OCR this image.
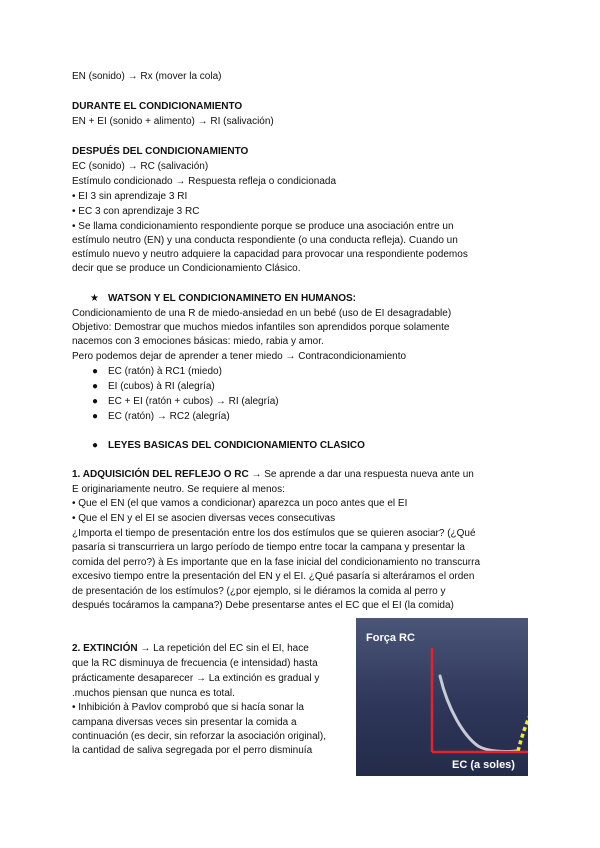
EN (sonido) → Rx (mover la cola)
DURANTE EL CONDICIONAMIENTO
EN + EI (sonido + alimento) → RI (salivación)
DESPUÉS DEL CONDICIONAMIENTO
EC (sonido) → RC (salivación)
Estímulo condicionado → Respuesta refleja o condicionada
• EI 3 sin aprendizaje 3 RI
• EC 3 con aprendizaje 3 RC
• Se llama condicionamiento respondiente porque se produce una asociación entre un
estímulo neutro (EN) y una conducta respondiente (o una conducta refleja). Cuando un
estímulo nuevo y neutro adquiere la capacidad para provocar una respondiente podemos
decir que se produce un Condicionamiento Clásico.
★ WATSON Y EL CONDICIONAMINETO EN HUMANOS:
Condicionamiento de una R de miedo-ansiedad en un bebé (uso de EI desagradable)
Objetivo: Demostrar que muchos miedos infantiles son aprendidos porque solamente
nacemos con 3 emociones básicas: miedo, rabia y amor.
Pero podemos dejar de aprender a tener miedo → Contracondicionamiento
● EC (ratón) à RC1 (miedo)
● EI (cubos) à RI (alegría)
● EC + EI (ratón + cubos) → RI (alegría)
● EC (ratón) → RC2 (alegría)
● LEYES BASICAS DEL CONDICIONAMIENTO CLASICO
1. ADQUISICIÓN DEL REFLEJO O RC → Se aprende a dar una respuesta nueva ante un
E originariamente neutro. Se requiere al menos:
• Que el EN (el que vamos a condicionar) aparezca un poco antes que el EI
• Que el EN y el EI se asocien diversas veces consecutivas
¿Importa el tiempo de presentación entre los dos estímulos que se quieren asociar? (¿Qué
pasaría si transcurriera un largo período de tiempo entre tocar la campana y presentar la
comida del perro?) à Es importante que en la fase inicial del condicionamiento no transcurra
excesivo tiempo entre la presentación del EN y el EI. ¿Qué pasaría si alteráramos el orden
de presentación de los estímulos? (¿por ejemplo, si le diéramos la comida al perro y
después tocáramos la campana?) Debe presentarse antes el EC que el EI (la comida)
2. EXTINCIÓN → La repetición del EC sin el EI, hace
que la RC disminuya de frecuencia (e intensidad) hasta
prácticamente desaparecer → La extinción es gradual y
.muchos piensan que nunca es total.
• Inhibición à Pavlov comprobó que si hacía sonar la
campana diversas veces sin presentar la comida a
continuación (es decir, sin reforzar la asociación original),
la cantidad de saliva segregada por el perro disminuía
Força RC
EC (a soles)
